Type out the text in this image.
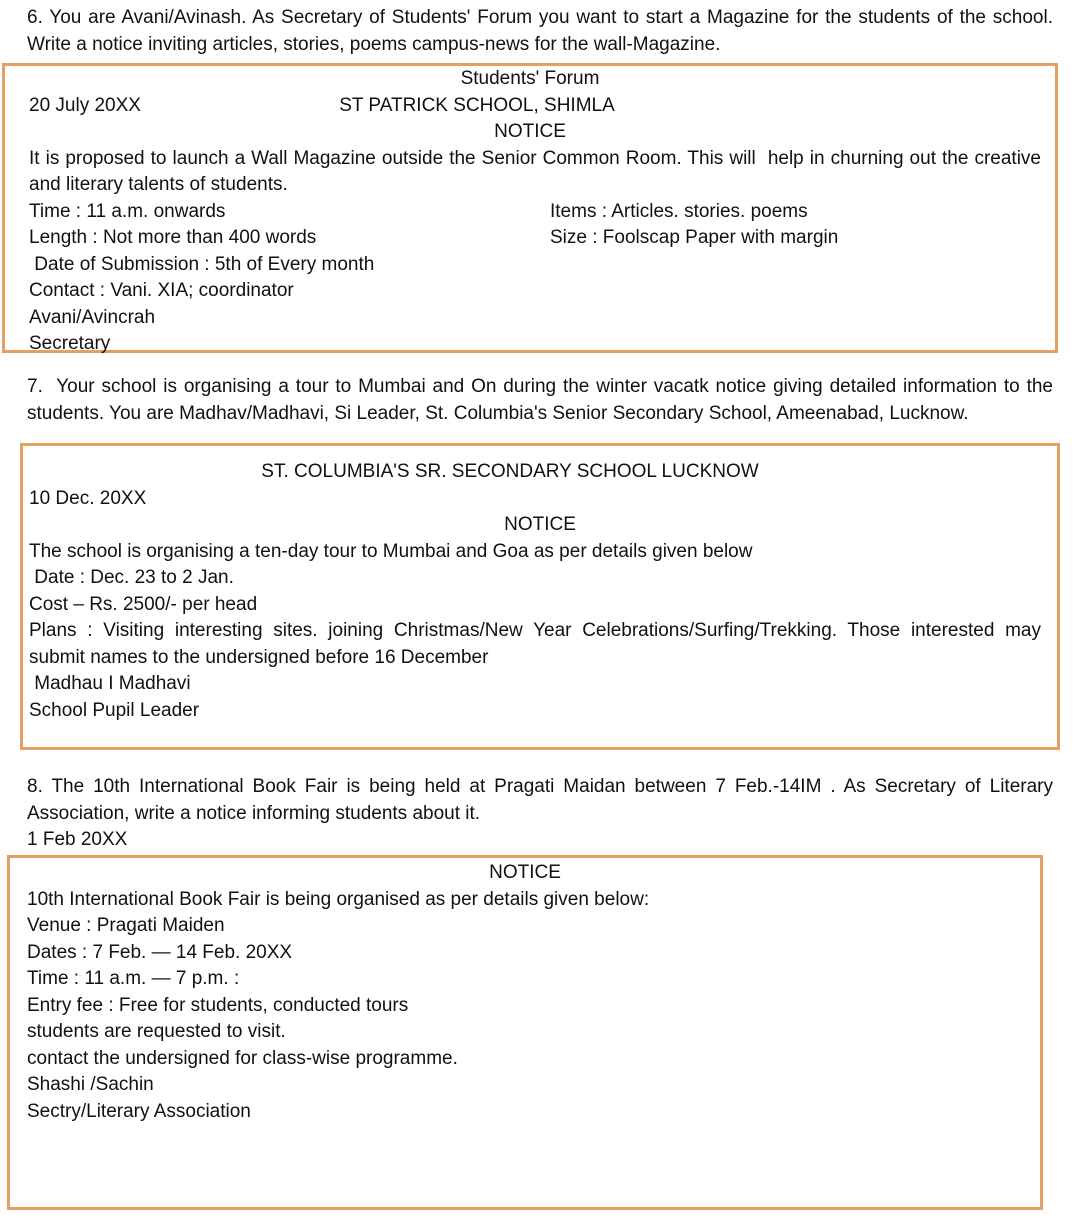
6. You are Avani/Avinash. As Secretary of Students' Forum you want to start a Magazine for the students of the school. Write a notice inviting articles, stories, poems campus-news for the wall-Magazine.
Students' Forum
20 July 20XX	ST PATRICK SCHOOL, SHIMLA
NOTICE
It is proposed to launch a Wall Magazine outside the Senior Common Room. This will  help in churning out the creative and literary talents of students.
Time : 11 a.m. onwards	Items : Articles. stories. poems
Length : Not more than 400 words	Size : Foolscap Paper with margin
Date of Submission : 5th of Every month
Contact : Vani. XIA; coordinator
Avani/Avincrah
Secretary
7.  Your school is organising a tour to Mumbai and On during the winter vacatk notice giving detailed information to the students. You are Madhav/Madhavi, Si Leader, St. Columbia's Senior Secondary School, Ameenabad, Lucknow.
ST. COLUMBIA'S SR. SECONDARY SCHOOL LUCKNOW
10 Dec. 20XX
NOTICE
The school is organising a ten-day tour to Mumbai and Goa as per details given below
Date : Dec. 23 to 2 Jan.
Cost – Rs. 2500/- per head
Plans : Visiting interesting sites. joining Christmas/New Year Celebrations/Surfing/Trekking. Those interested may submit names to the undersigned before 16 December
Madhau I Madhavi
School Pupil Leader
8. The 10th International Book Fair is being held at Pragati Maidan between 7 Feb.-14IM . As Secretary of Literary Association, write a notice informing students about it.
1 Feb 20XX
NOTICE
10th International Book Fair is being organised as per details given below:
Venue : Pragati Maiden
Dates : 7 Feb. — 14 Feb. 20XX
Time : 11 a.m. — 7 p.m. :
Entry fee : Free for students, conducted tours
students are requested to visit.
contact the undersigned for class-wise programme.
Shashi /Sachin
Sectry/Literary Association
